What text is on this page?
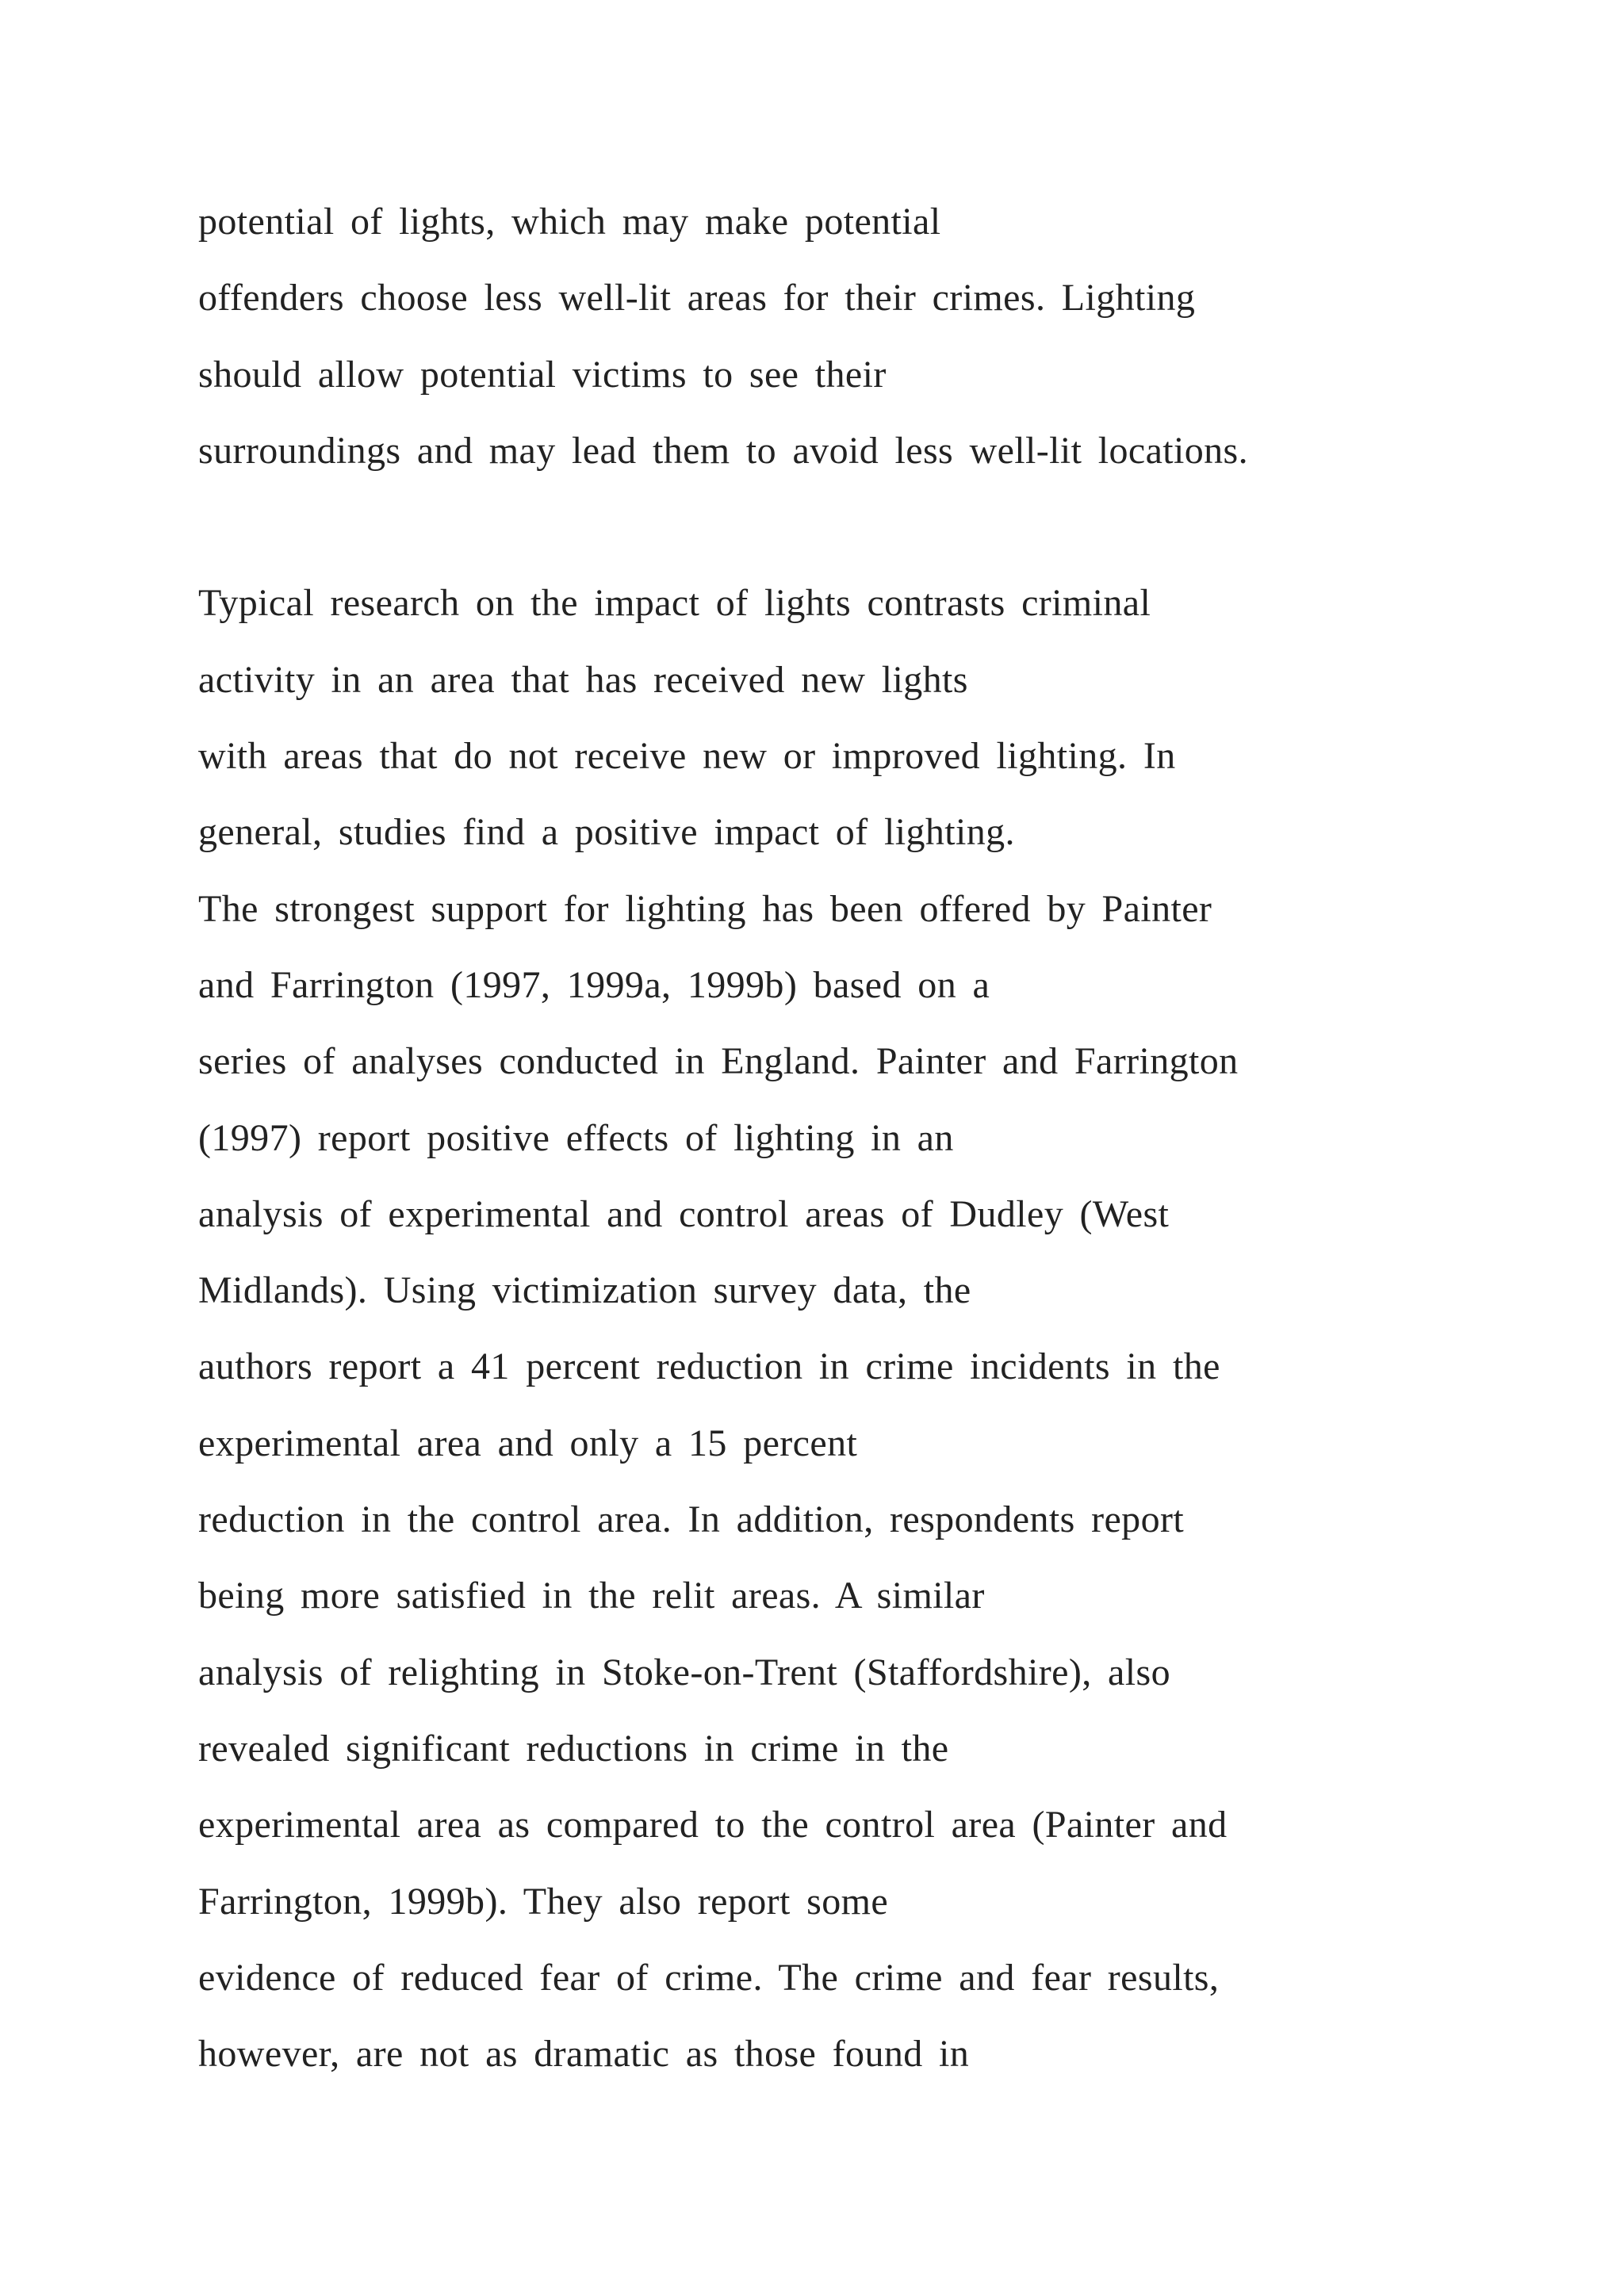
potential of lights, which may make potential
offenders choose less well-lit areas for their crimes. Lighting
should allow potential victims to see their
surroundings and may lead them to avoid less well-lit locations.
Typical research on the impact of lights contrasts criminal
activity in an area that has received new lights
with areas that do not receive new or improved lighting. In
general, studies find a positive impact of lighting.
The strongest support for lighting has been offered by Painter
and Farrington (1997, 1999a, 1999b) based on a
series of analyses conducted in England. Painter and Farrington
(1997) report positive effects of lighting in an
analysis of experimental and control areas of Dudley (West
Midlands). Using victimization survey data, the
authors report a 41 percent reduction in crime incidents in the
experimental area and only a 15 percent
reduction in the control area. In addition, respondents report
being more satisfied in the relit areas. A similar
analysis of relighting in Stoke-on-Trent (Staffordshire), also
revealed significant reductions in crime in the
experimental area as compared to the control area (Painter and
Farrington, 1999b). They also report some
evidence of reduced fear of crime. The crime and fear results,
however, are not as dramatic as those found in
